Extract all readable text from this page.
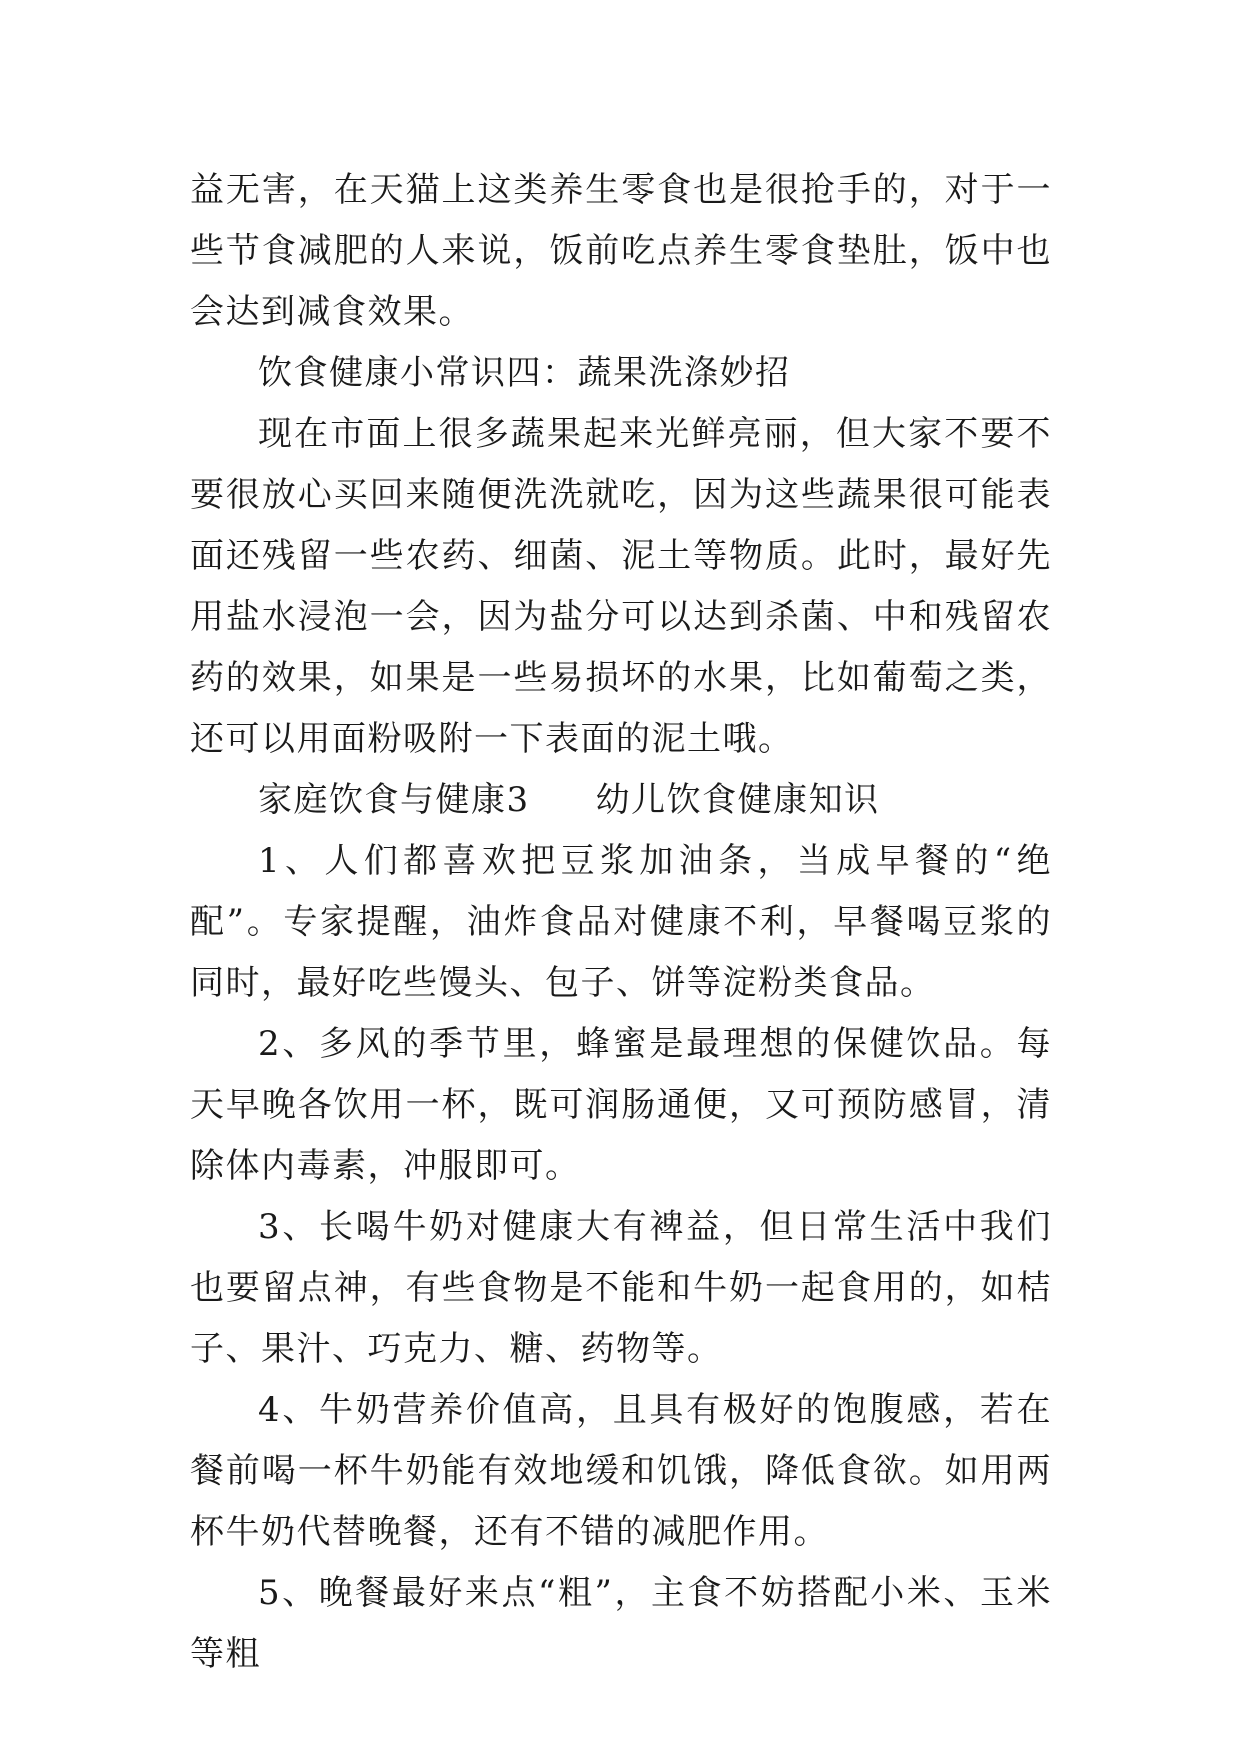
益无害，在天猫上这类养生零食也是很抢手的，对于一些节食减肥的人来说，饭前吃点养生零食垫肚，饭中也会达到减食效果。

饮食健康小常识四：蔬果洗涤妙招

现在市面上很多蔬果起来光鲜亮丽，但大家不要不要很放心买回来随便洗洗就吃，因为这些蔬果很可能表面还残留一些农药、细菌、泥土等物质。此时，最好先用盐水浸泡一会，因为盐分可以达到杀菌、中和残留农药的效果，如果是一些易损坏的水果，比如葡萄之类，还可以用面粉吸附一下表面的泥土哦。

家庭饮食与健康3 幼儿饮食健康知识

1、人们都喜欢把豆浆加油条，当成早餐的“绝配”。专家提醒，油炸食品对健康不利，早餐喝豆浆的同时，最好吃些馒头、包子、饼等淀粉类食品。

2、多风的季节里，蜂蜜是最理想的保健饮品。每天早晚各饮用一杯，既可润肠通便，又可预防感冒，清除体内毒素，冲服即可。

3、长喝牛奶对健康大有裨益，但日常生活中我们也要留点神，有些食物是不能和牛奶一起食用的，如桔子、果汁、巧克力、糖、药物等。

4、牛奶营养价值高，且具有极好的饱腹感，若在餐前喝一杯牛奶能有效地缓和饥饿，降低食欲。如用两杯牛奶代替晚餐，还有不错的减肥作用。

5、晚餐最好来点“粗”，主食不妨搭配小米、玉米等粗
